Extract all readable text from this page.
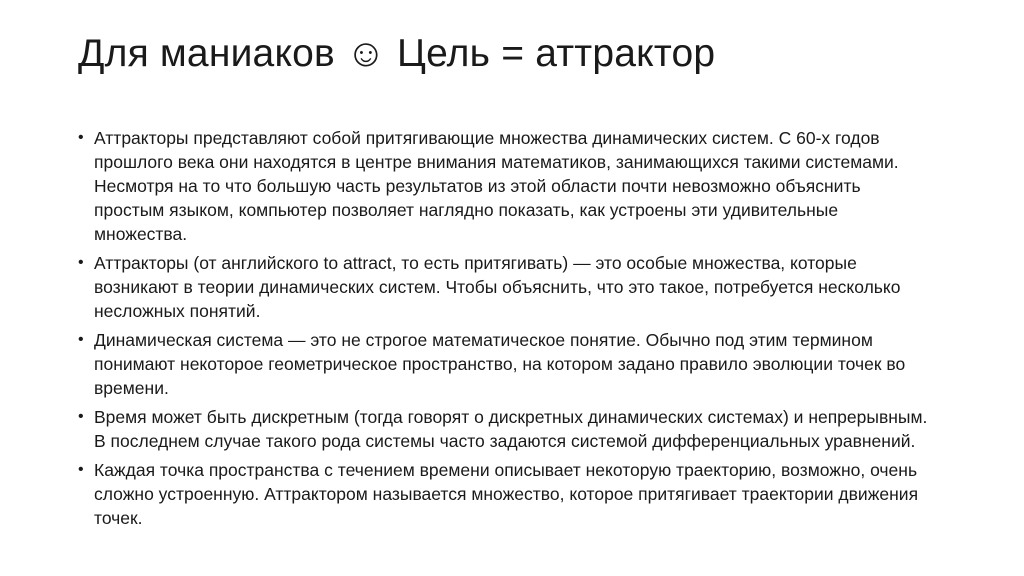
Для маниаков ☺ Цель = аттрактор
• Аттракторы представляют собой притягивающие множества динамических систем. С 60-х годов прошлого века они находятся в центре внимания математиков, занимающихся такими системами. Несмотря на то что большую часть результатов из этой области почти невозможно объяснить простым языком, компьютер позволяет наглядно показать, как устроены эти удивительные множества.
• Аттракторы (от английского to attract, то есть притягивать) — это особые множества, которые возникают в теории динамических систем. Чтобы объяснить, что это такое, потребуется несколько несложных понятий.
• Динамическая система — это не строгое математическое понятие. Обычно под этим термином понимают некоторое геометрическое пространство, на котором задано правило эволюции точек во времени.
• Время может быть дискретным (тогда говорят о дискретных динамических системах) и непрерывным. В последнем случае такого рода системы часто задаются системой дифференциальных уравнений.
• Каждая точка пространства с течением времени описывает некоторую траекторию, возможно, очень сложно устроенную. Аттрактором называется множество, которое притягивает траектории движения точек.
